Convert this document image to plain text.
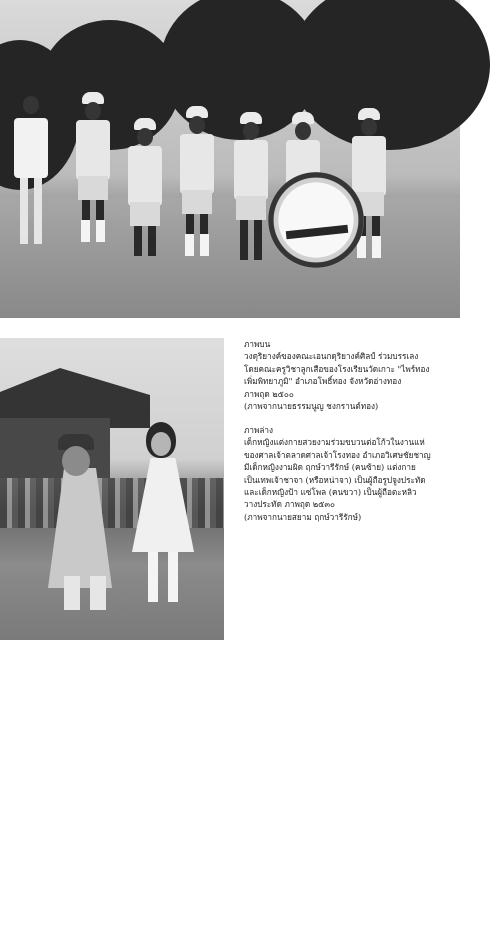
๑๑๐ ● สมุดภาพอ่างทอง
ภาพบน
วงดุริยางค์ของคณะเอนกดุริยางค์ศิลป์ ร่วมบรรเลง
โดยคณะครูวิชาลูกเสือของโรงเรียนวัดเกาะ "ไพร์ทอง
เพิ่มพิทยาภูมิ" อำเภอโพธิ์ทอง จังหวัดอ่างทอง
ภาพถุด ๒๕๐๐
(ภาพจากนายธรรมนูญ ชงกรานต์ทอง)
ภาพล่าง
เด็กหญิงแต่งกายสวยงามร่วมขบวนต่อโก้วในงานแห่
ของศาลเจ้าตลาดศาลเจ้าโรงทอง อำเภอวิเศษชัยชาญ
มีเด็กหญิงงามผิด ฤกษ์วารีรักษ์ (คนซ้าย) แต่งกาย
เป็นเทพเจ้าชาจา (หรือหน่าจา) เป็นผู้ถือรูปจูงประทัด
และเด็กหญิงป้า แซ่โพล (คนขวา) เป็นผู้ถือตะหลิว
วางประทัด ภาพถุด ๒๕๓๐
(ภาพจากนายสยาม ฤกษ์วารีรักษ์)
